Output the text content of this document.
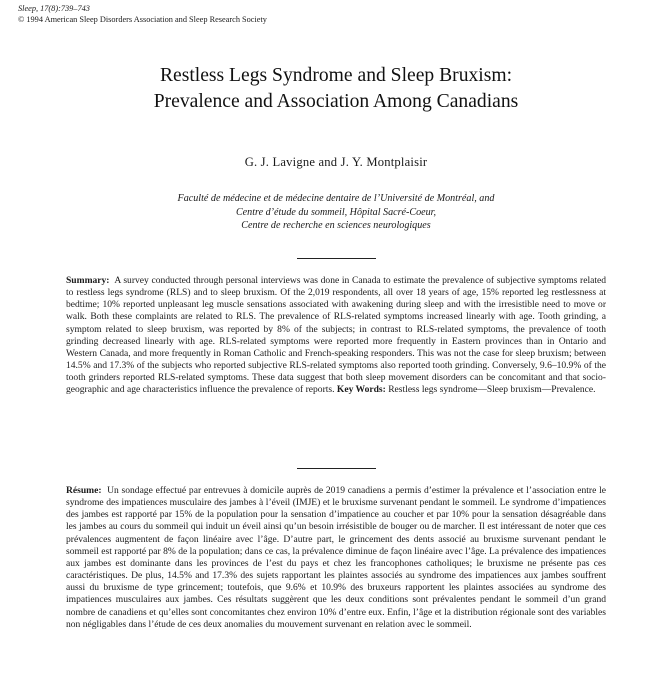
Sleep, 17(8):739–743
© 1994 American Sleep Disorders Association and Sleep Research Society
Restless Legs Syndrome and Sleep Bruxism:
Prevalence and Association Among Canadians
G. J. Lavigne and J. Y. Montplaisir
Faculté de médecine et de médecine dentaire de l’Université de Montréal, and
Centre d’étude du sommeil, Hôpital Sacré-Coeur,
Centre de recherche en sciences neurologiques
Summary: A survey conducted through personal interviews was done in Canada to estimate the prevalence of subjective symptoms related to restless legs syndrome (RLS) and to sleep bruxism. Of the 2,019 respondents, all over 18 years of age, 15% reported leg restlessness at bedtime; 10% reported unpleasant leg muscle sensations associated with awakening during sleep and with the irresistible need to move or walk. Both these complaints are related to RLS. The prevalence of RLS-related symptoms increased linearly with age. Tooth grinding, a symptom related to sleep bruxism, was reported by 8% of the subjects; in contrast to RLS-related symptoms, the prevalence of tooth grinding decreased linearly with age. RLS-related symptoms were reported more frequently in Eastern provinces than in Ontario and Western Canada, and more frequently in Roman Catholic and French-speaking responders. This was not the case for sleep bruxism; between 14.5% and 17.3% of the subjects who reported subjective RLS-related symptoms also reported tooth grinding. Conversely, 9.6–10.9% of the tooth grinders reported RLS-related symptoms. These data suggest that both sleep movement disorders can be concomitant and that socio-geographic and age characteristics influence the prevalence of reports. Key Words: Restless legs syndrome—Sleep bruxism—Prevalence.
Résume: Un sondage effectué par entrevues à domicile auprès de 2019 canadiens a permis d’estimer la prévalence et l’association entre le syndrome des impatiences musculaire des jambes à l’éveil (IMJE) et le bruxisme survenant pendant le sommeil. Le syndrome d’impatiences des jambes est rapporté par 15% de la population pour la sensation d’impatience au coucher et par 10% pour la sensation désagréable dans les jambes au cours du sommeil qui induit un éveil ainsi qu’un besoin irrésistible de bouger ou de marcher. Il est intéressant de noter que ces prévalences augmentent de façon linéaire avec l’âge. D’autre part, le grincement des dents associé au bruxisme survenant pendant le sommeil est rapporté par 8% de la population; dans ce cas, la prévalence diminue de façon linéaire avec l’âge. La prévalence des impatiences aux jambes est dominante dans les provinces de l’est du pays et chez les francophones catholiques; le bruxisme ne présente pas ces caractéristiques. De plus, 14.5% and 17.3% des sujets rapportant les plaintes associés au syndrome des impatiences aux jambes souffrent aussi du bruxisme de type grincement; toutefois, que 9.6% et 10.9% des bruxeurs rapportent les plaintes associées au syndrome des impatiences musculaires aux jambes. Ces résultats suggèrent que les deux conditions sont prévalentes pendant le sommeil d’un grand nombre de canadiens et qu’elles sont concomitantes chez environ 10% d’entre eux. Enfin, l’âge et la distribution régionale sont des variables non négligables dans l’étude de ces deux anomalies du mouvement survenant en relation avec le sommeil.
